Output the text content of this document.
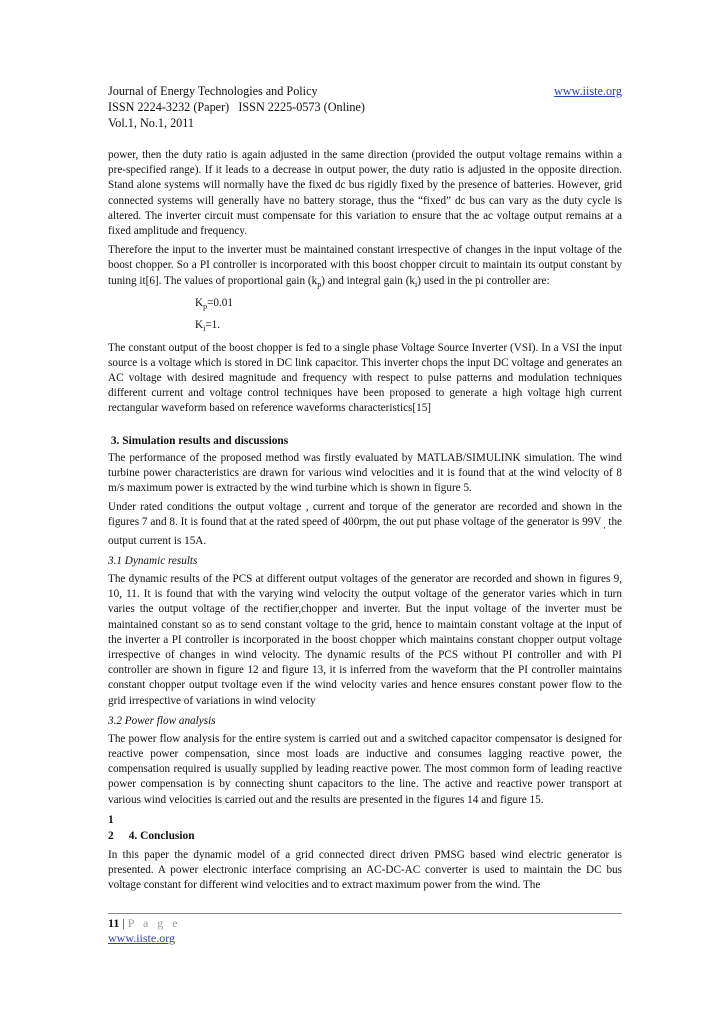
Journal of Energy Technologies and Policy	www.iiste.org
ISSN 2224-3232 (Paper)   ISSN 2225-0573 (Online)
Vol.1, No.1, 2011

power, then the duty ratio is again adjusted in the same direction (provided the output voltage remains within a pre-specified range). If it leads to a decrease in output power, the duty ratio is adjusted in the opposite direction. Stand alone systems will normally have the fixed dc bus rigidly fixed by the presence of batteries. However, grid connected systems will generally have no battery storage, thus the “fixed” dc bus can vary as the duty cycle is altered. The inverter circuit must compensate for this variation to ensure that the ac voltage output remains at a fixed amplitude and frequency.

Therefore the input to the inverter must be maintained constant irrespective of changes in the input voltage of the boost chopper. So a PI controller is incorporated with this boost chopper circuit to maintain its output constant by tuning it[6]. The values of proportional gain $(k_p)$ and integral gain $(k_i)$ used in the pi controller are:

$K_p=0.01$
$K_i=1$.

The constant output of the boost chopper is fed to a single phase Voltage Source Inverter (VSI). In a VSI the input source is a voltage which is stored in DC link capacitor. This inverter chops the input DC voltage and generates an AC voltage with desired magnitude and frequency with respect to pulse patterns and modulation techniques different current and voltage control techniques have been proposed to generate a high voltage high current rectangular waveform based on reference waveforms characteristics[15]

3. Simulation results and discussions

The performance of the proposed method was firstly evaluated by MATLAB/SIMULINK simulation. The wind turbine power characteristics are drawn for various wind velocities and it is found that at the wind velocity of 8 m/s maximum power is extracted by the wind turbine which is shown in figure 5.

Under rated conditions the output voltage , current and torque of the generator are recorded and shown in the figures 7 and 8. It is found that at the rated speed of 400rpm, the out put phase voltage of the generator is 99V $_,$ the output current is 15A.

3.1 Dynamic results

The dynamic results of the PCS at different output voltages of the generator are recorded and shown in figures 9, 10, 11. It is found that with the varying wind velocity the output voltage of the generator varies which in turn varies the output voltage of the rectifier,chopper and inverter. But the input voltage of the inverter must be maintained constant so as to send constant voltage to the grid, hence to maintain constant voltage at the input of the inverter a PI controller is incorporated in the boost chopper which maintains constant chopper output voltage irrespective of changes in wind velocity. The dynamic results of the PCS without PI controller and with PI controller are shown in figure 12 and figure 13, it is inferred from the waveform that the PI controller maintains constant chopper output tvoltage even if the wind velocity varies and hence ensures constant power flow to the grid irrespective of variations in wind velocity

3.2 Power flow analysis

The power flow analysis for the entire system is carried out and a switched capacitor compensator is designed for reactive power compensation, since most loads are inductive and consumes lagging reactive power, the compensation required is usually supplied by leading reactive power. The most common form of leading reactive power compensation is by connecting shunt capacitors to the line. The active and reactive power transport at various wind velocities is carried out and the results are presented in the figures 14 and figure 15.

1
2 4. Conclusion

In this paper the dynamic model of a grid connected direct driven PMSG based wind electric generator is presented. A power electronic interface comprising an AC-DC-AC converter is used to maintain the DC bus voltage constant for different wind velocities and to extract maximum power from the wind. The

11 | P a g e
www.iiste.org
